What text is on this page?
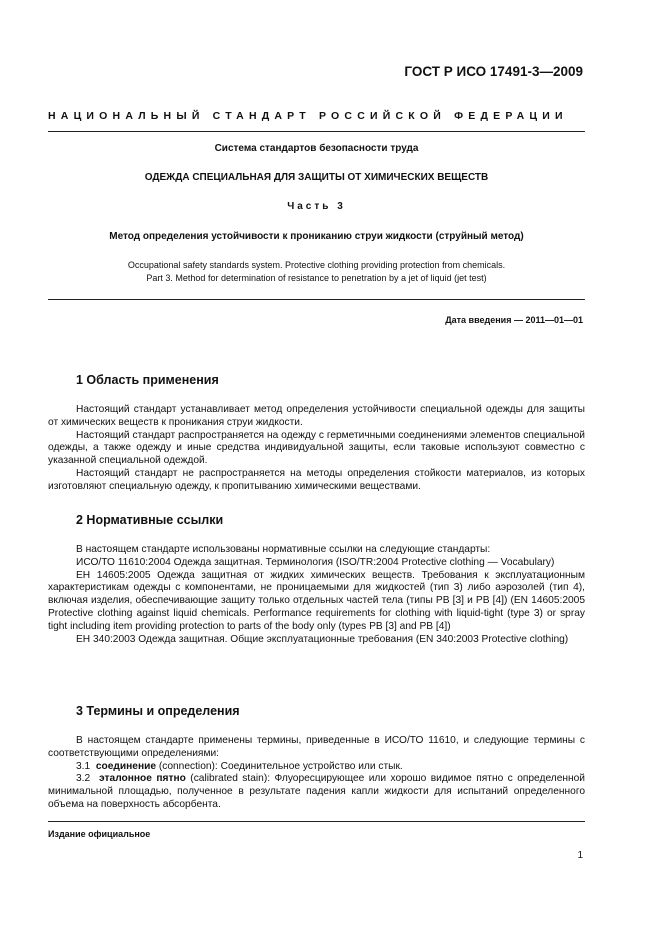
ГОСТ Р ИСО 17491-3—2009
НАЦИОНАЛЬНЫЙ СТАНДАРТ РОССИЙСКОЙ ФЕДЕРАЦИИ
Система стандартов безопасности труда
ОДЕЖДА СПЕЦИАЛЬНАЯ ДЛЯ ЗАЩИТЫ ОТ ХИМИЧЕСКИХ ВЕЩЕСТВ
Часть 3
Метод определения устойчивости к прониканию струи жидкости (струйный метод)
Occupational safety standards system. Protective clothing providing protection from chemicals.
Part 3. Method for determination of resistance to penetration by a jet of liquid (jet test)
Дата введения — 2011—01—01
1 Область применения

Настоящий стандарт устанавливает метод определения устойчивости специальной одежды для защиты от химических веществ к проникания струи жидкости.

Настоящий стандарт распространяется на одежду с герметичными соединениями элементов специальной одежды, а также одежду и иные средства индивидуальной защиты, если таковые используют совместно с указанной специальной одеждой.

Настоящий стандарт не распространяется на методы определения стойкости материалов, из которых изготовляют специальную одежду, к пропитыванию химическими веществами.

2 Нормативные ссылки

В настоящем стандарте использованы нормативные ссылки на следующие стандарты:

ИСО/ТО 11610:2004 Одежда защитная. Терминология (ISO/TR:2004 Protective clothing — Vocabulary)

ЕН 14605:2005 Одежда защитная от жидких химических веществ. Требования к эксплуатационным характеристикам одежды с компонентами, не проницаемыми для жидкостей (тип 3) либо аэрозолей (тип 4), включая изделия, обеспечивающие защиту только отдельных частей тела (типы РВ [3] и РВ [4]) (EN 14605:2005 Protective clothing against liquid chemicals. Performance requirements for clothing with liquid-tight (type 3) or spray tight including item providing protection to parts of the body only (types PB [3] and PB [4])

ЕН 340:2003 Одежда защитная. Общие эксплуатационные требования (EN 340:2003 Protective clothing)

3 Термины и определения

В настоящем стандарте применены термины, приведенные в ИСО/ТО 11610, и следующие термины с соответствующими определениями:

3.1 соединение (connection): Соединительное устройство или стык.

3.2 эталонное пятно (calibrated stain): Флуоресцирующее или хорошо видимое пятно с определенной минимальной площадью, полученное в результате падения капли жидкости для испытаний определенного объема на поверхность абсорбента.

Издание официальное
1
